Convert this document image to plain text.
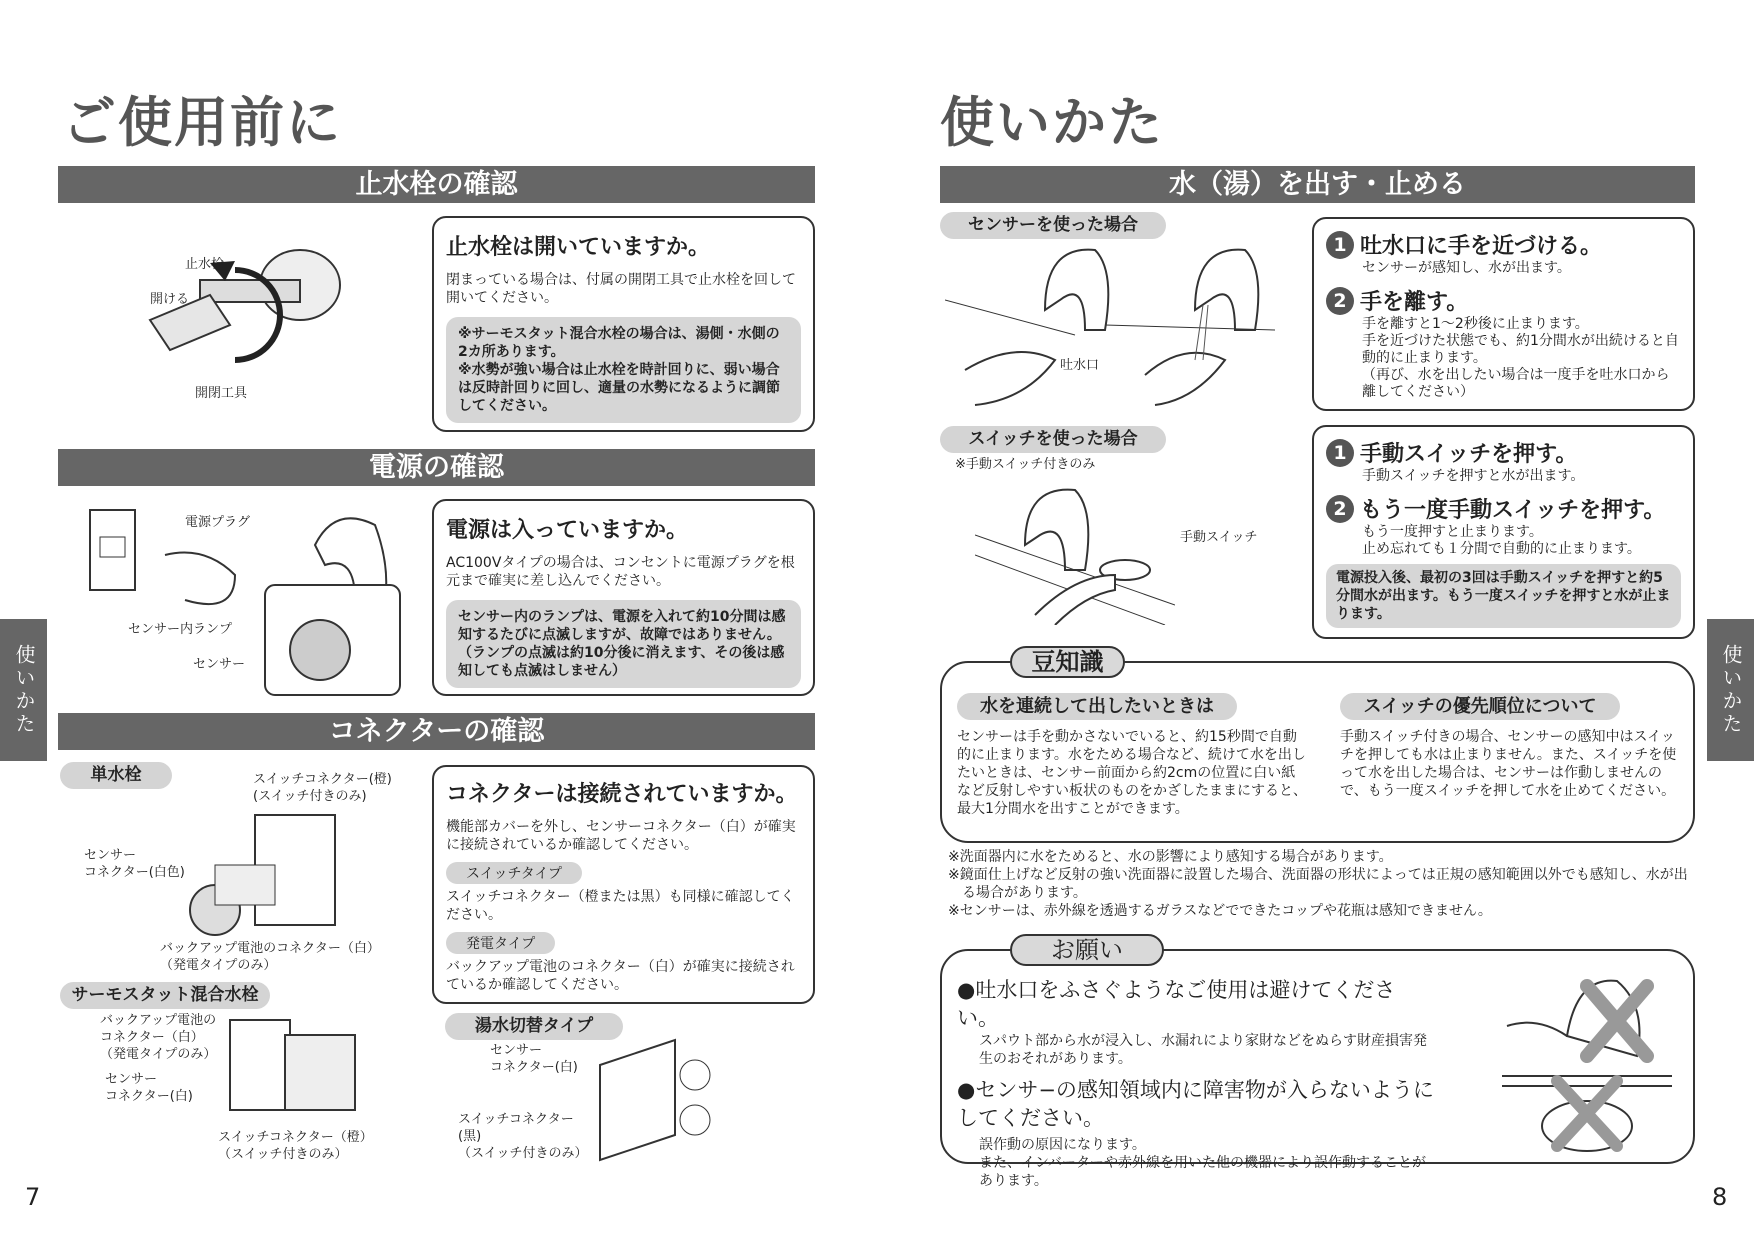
ご使用前に
止水栓の確認
止水栓
開ける
開閉工具
止水栓は開いていますか。

閉まっている場合は、付属の開閉工具で止水栓を回して開いてください。

※サーモスタット混合水栓の場合は、湯側・水側の2カ所あります。
※水勢が強い場合は止水栓を時計回りに、弱い場合は反時計回りに回し、適量の水勢になるように調節してください。
電源の確認
電源プラグ
センサー内ランプ
センサー
電源は入っていますか。

AC100Vタイプの場合は、コンセントに電源プラグを根元まで確実に差し込んでください。

センサー内のランプは、電源を入れて約10分間は感知するたびに点滅しますが、故障ではありません。（ランプの点滅は約10分後に消えます、その後は感知しても点滅はしません）
コネクターの確認
単水栓	スイッチコネクター(橙)
(スイッチ付きのみ)
センサー
コネクター(白色)
バックアップ電池のコネクター（白）
（発電タイプのみ）
サーモスタット混合水栓
バックアップ電池の
コネクター（白）
（発電タイプのみ）
センサー
コネクター(白)
スイッチコネクター（橙）
（スイッチ付きのみ）
コネクターは接続されていますか。

機能部カバーを外し、センサーコネクター（白）が確実に接続されているか確認してください。

スイッチタイプ

スイッチコネクター（橙または黒）も同様に確認してください。

発電タイプ

バックアップ電池のコネクター（白）が確実に接続されているか確認してください。

湯水切替タイプ
センサー
コネクター(白)
スイッチコネクター
(黒)
（スイッチ付きのみ）
使いかた
7
使いかた
水（湯）を出す・止める
センサーを使った場合
吐水口
1 吐水口に手を近づける。
センサーが感知し、水が出ます。
2 手を離す。
手を離すと1〜2秒後に止まります。
手を近づけた状態でも、約1分間水が出続けると自動的に止まります。
（再び、水を出したい場合は一度手を吐水口から離してください）
スイッチを使った場合
※手動スイッチ付きのみ
手動スイッチ
1 手動スイッチを押す。
手動スイッチを押すと水が出ます。
2 もう一度手動スイッチを押す。
もう一度押すと止まります。
止め忘れても１分間で自動的に止まります。
電源投入後、最初の3回は手動スイッチを押すと約5分間水が出ます。もう一度スイッチを押すと水が止まります。
水を連続して出したいときは
センサーは手を動かさないでいると、約15秒間で自動的に止まります。水をためる場合など、続けて水を出したいときは、センサー前面から約2cmの位置に白い紙など反射しやすい板状のものをかざしたままにすると、最大1分間水を出すことができます。
スイッチの優先順位について
手動スイッチ付きの場合、センサーの感知中はスイッチを押しても水は止まりません。また、スイッチを使って水を出した場合は、センサーは作動しませんので、もう一度スイッチを押して水を止めてください。
豆知識
※洗面器内に水をためると、水の影響により感知する場合があります。
※鏡面仕上げなど反射の強い洗面器に設置した場合、洗面器の形状によっては正規の感知範囲以外でも感知し、水が出る場合があります。
※センサーは、赤外線を透過するガラスなどでできたコップや花瓶は感知できません。
●吐水口をふさぐようなご使用は避けてください。
スパウト部から水が浸入し、水漏れにより家財などをぬらす財産損害発生のおそれがあります。
●センサ−の感知領域内に障害物が入らないようにしてください。
誤作動の原因になります。
また、インバーターや赤外線を用いた他の機器により誤作動することがあります。
お願い
使いかた
8
